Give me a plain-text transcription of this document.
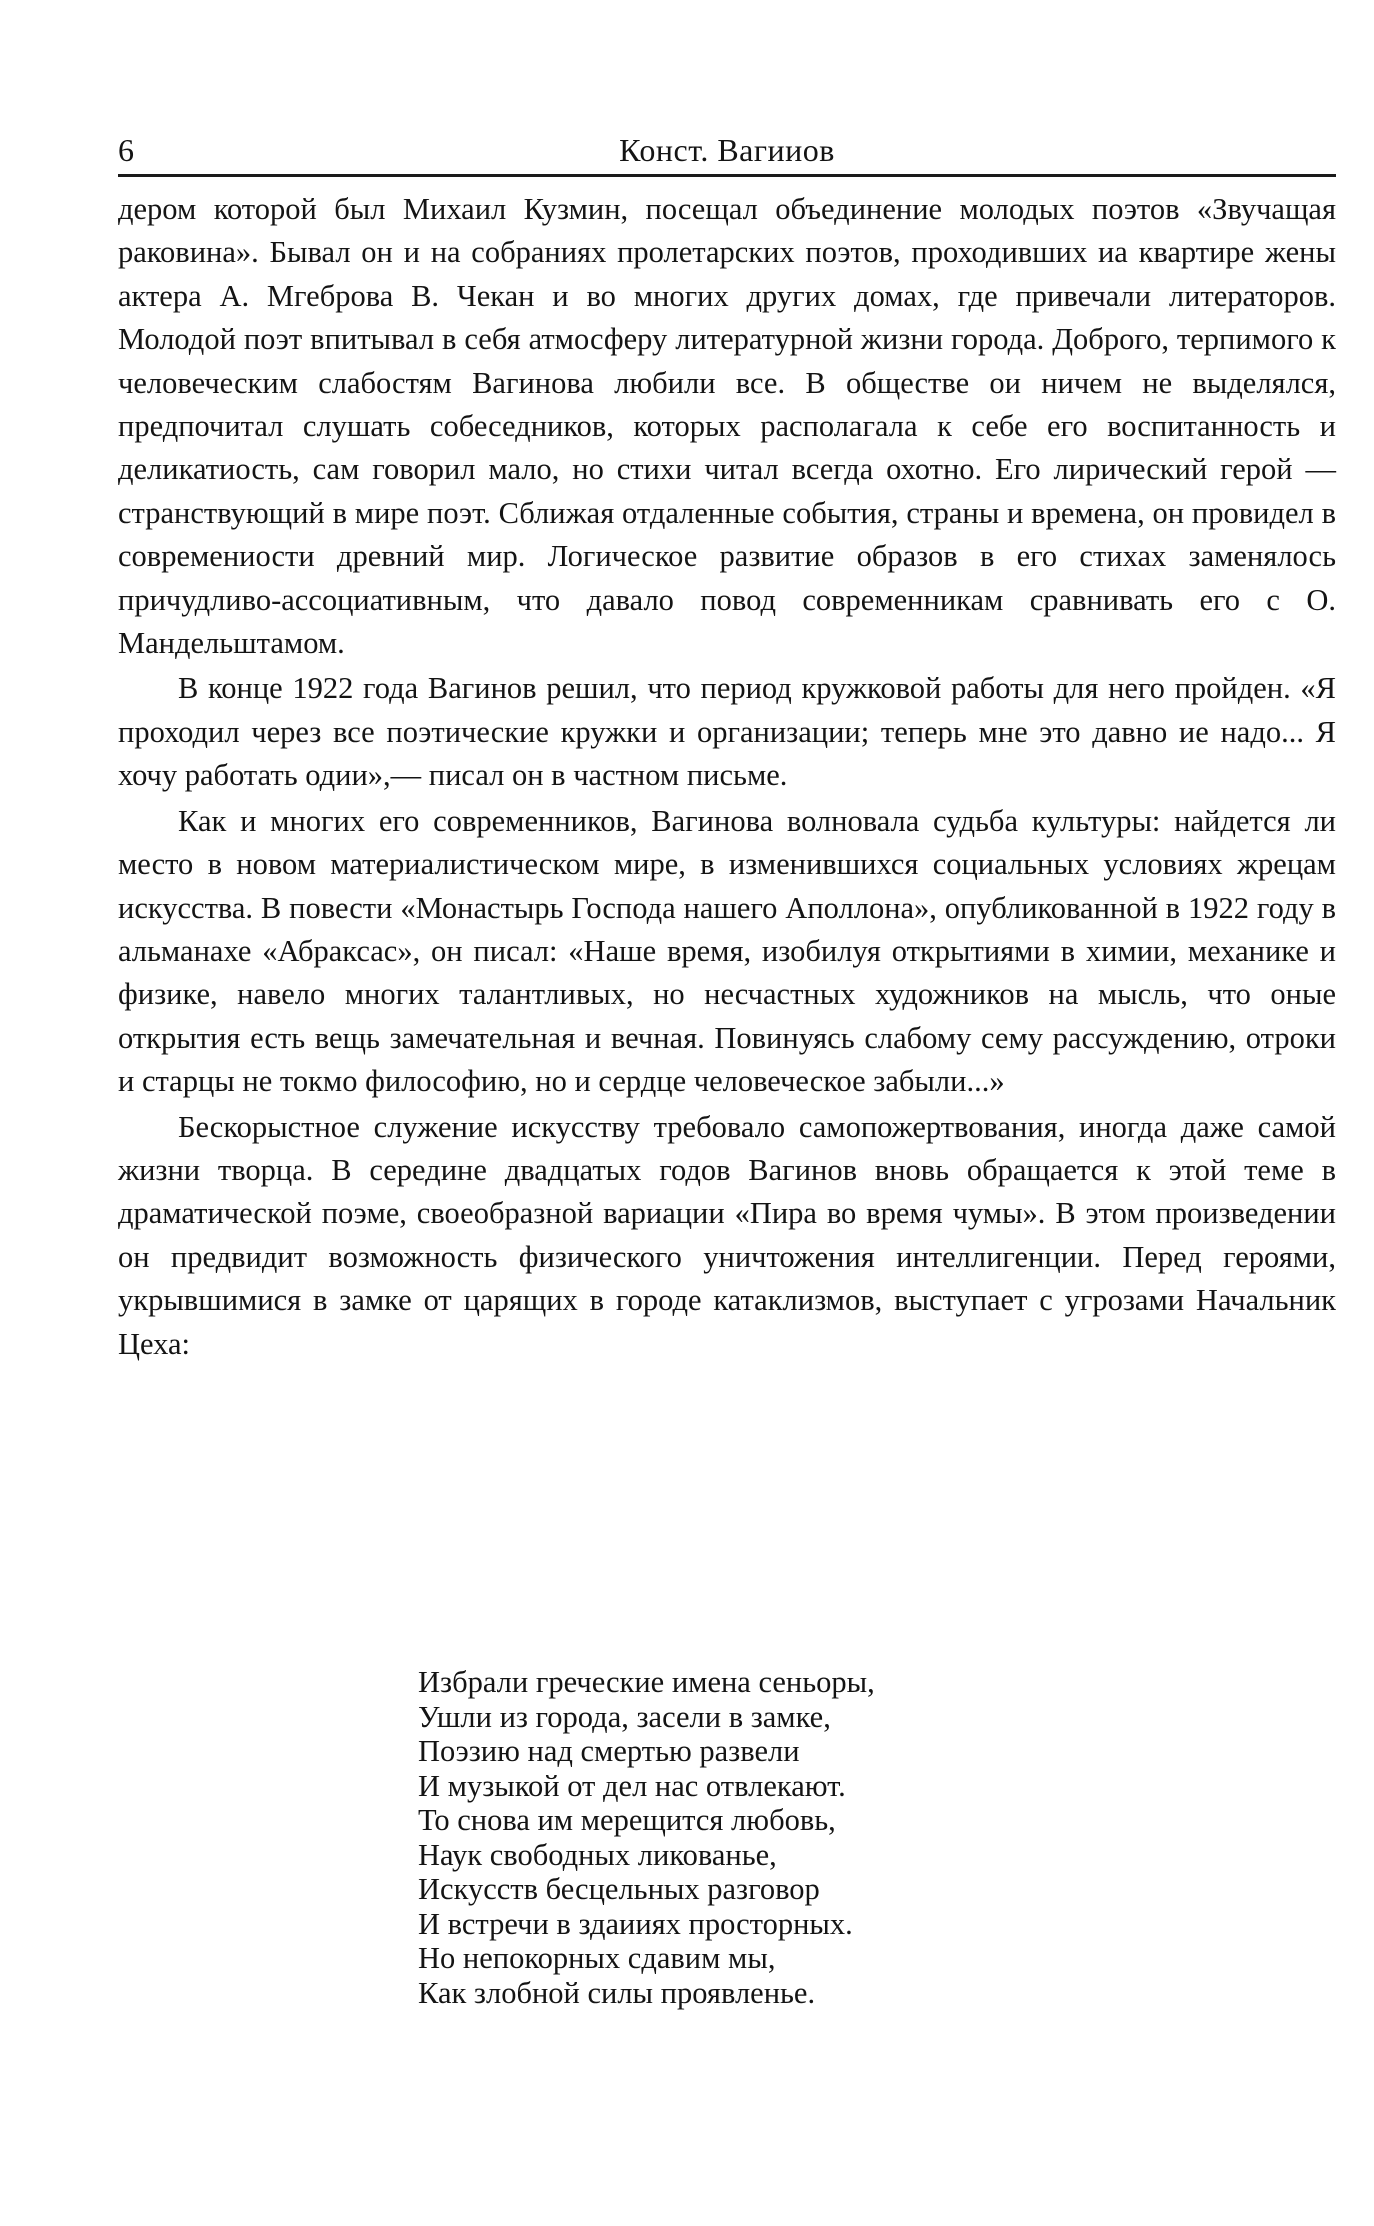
6	Конст. Вагииов

дером которой был Михаил Кузмин, посещал объединение молодых поэтов «Звучащая раковина». Бывал он и на собраниях пролетарских поэтов, проходивших иа квартире жены актера А. Мгеброва В. Чекан и во многих других домах, где привечали литераторов. Молодой поэт впитывал в себя атмосферу литературной жизни города. Доброго, терпимого к человеческим слабостям Вагинова любили все. В обществе ои ничем не выделялся, предпочитал слушать собеседников, которых располагала к себе его воспитанность и деликатиость, сам говорил мало, но стихи читал всегда охотно. Его лирический герой — странствующий в мире поэт. Сближая отдаленные события, страны и времена, он провидел в современиости древний мир. Логическое развитие образов в его стихах заменялось причудливо-ассоциативным, что давало повод современникам сравнивать его с О. Мандельштамом.

В конце 1922 года Вагинов решил, что период кружковой работы для него пройден. «Я проходил через все поэтические кружки и организации; теперь мне это давно ие надо... Я хочу работать одии»,— писал он в частном письме.

Как и многих его современников, Вагинова волновала судьба культуры: найдется ли место в новом материалистическом мире, в изменившихся социальных условиях жрецам искусства. В повести «Монастырь Господа нашего Аполлона», опубликованной в 1922 году в альманахе «Абраксас», он писал: «Наше время, изобилуя открытиями в химии, механике и физике, навело многих талантливых, но несчастных художников на мысль, что оные открытия есть вещь замечательная и вечная. Повинуясь слабому сему рассуждению, отроки и старцы не токмо философию, но и сердце человеческое забыли...»

Бескорыстное служение искусству требовало самопожертвования, иногда даже самой жизни творца. В середине двадцатых годов Вагинов вновь обращается к этой теме в драматической поэме, своеобразной вариации «Пира во время чумы». В этом произведении он предвидит возможность физического уничтожения интеллигенции. Перед героями, укрывшимися в замке от царящих в городе катаклизмов, выступает с угрозами Начальник Цеха:

Избрали греческие имена сеньоры,
Ушли из города, засели в замке,
Поэзию над смертью развели
И музыкой от дел нас отвлекают.
То снова им мерещится любовь,
Наук свободных ликованье,
Искусств бесцельных разговор
И встречи в здаииях просторных.
Но непокорных сдавим мы,
Как злобной силы проявленье.
